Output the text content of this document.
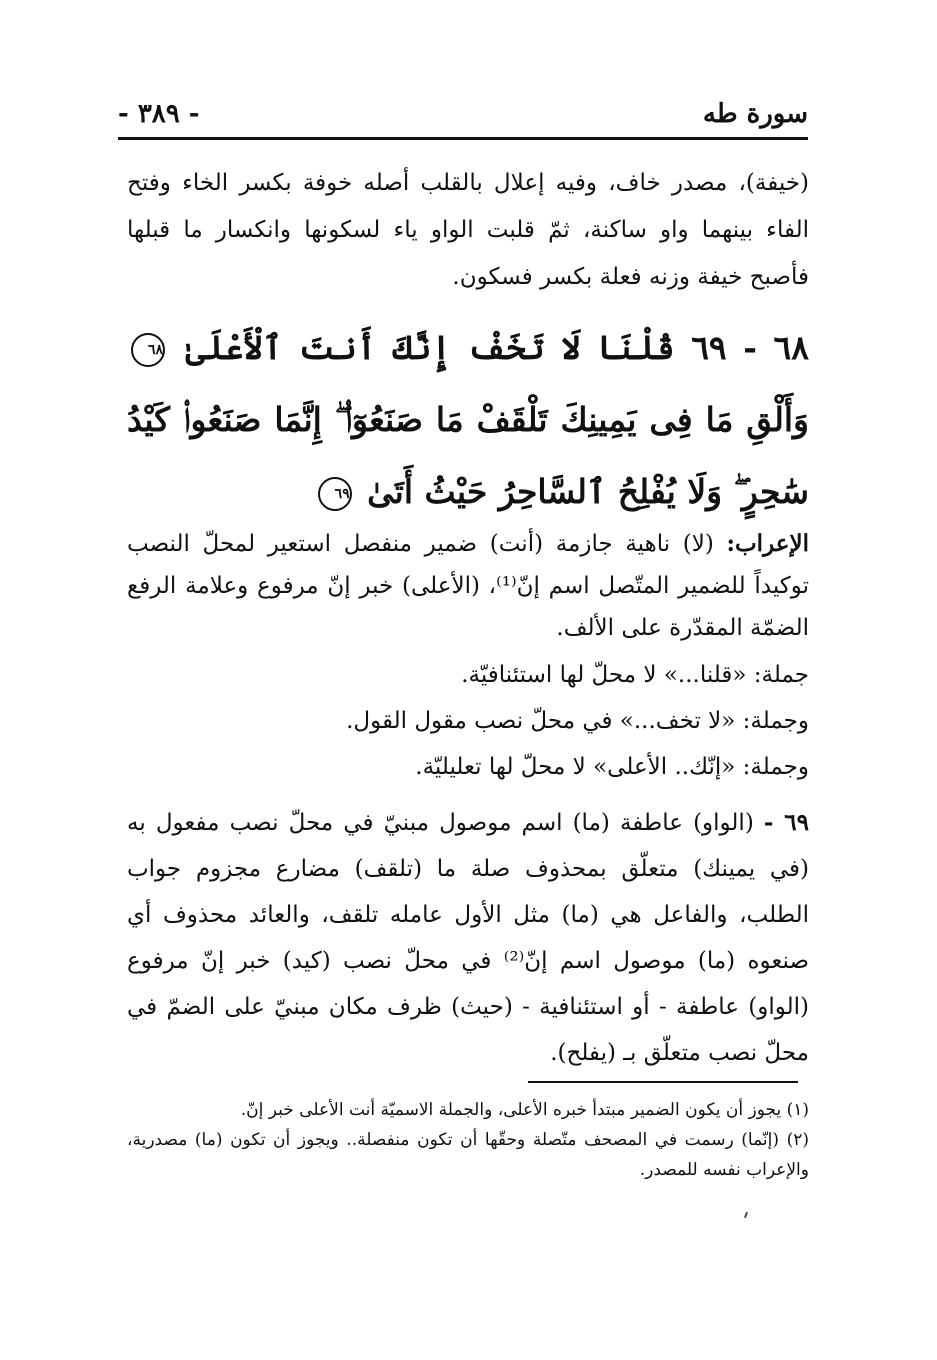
سورة طه
- ٣٨٩ -
(خيفة)، مصدر خاف، وفيه إعلال بالقلب أصله خوفة بكسر الخاء وفتح الفاء بينهما واو ساكنة، ثمّ قلبت الواو ياء لسكونها وانكسار ما قبلها فأصبح خيفة وزنه فعلة بكسر فسكون.
٦٨ - ٦٩ قُلْنَا لَا تَخَفْ إِنَّكَ أَنتَ ٱلْأَعْلَىٰ ٦٨ وَأَلْقِ مَا فِى يَمِينِكَ تَلْقَفْ مَا صَنَعُوٓا۟ ۖ إِنَّمَا صَنَعُوا۟ كَيْدُ سَٰحِرٍ ۖ وَلَا يُفْلِحُ ٱلسَّاحِرُ حَيْثُ أَتَىٰ ٦٩
الإعراب: (لا) ناهية جازمة (أنت) ضمير منفصل استعير لمحلّ النصب توكيداً للضمير المتّصل اسم إنّ⁽¹⁾، (الأعلى) خبر إنّ مرفوع وعلامة الرفع الضمّة المقدّرة على الألف.
جملة: «قلنا...» لا محلّ لها استئنافيّة.
وجملة: «لا تخف...» في محلّ نصب مقول القول.
وجملة: «إنّك.. الأعلى» لا محلّ لها تعليليّة.
٦٩ - (الواو) عاطفة (ما) اسم موصول مبنيّ في محلّ نصب مفعول به (في يمينك) متعلّق بمحذوف صلة ما (تلقف) مضارع مجزوم جواب الطلب، والفاعل هي (ما) مثل الأول عامله تلقف، والعائد محذوف أي صنعوه (ما) موصول اسم إنّ⁽²⁾ في محلّ نصب (كيد) خبر إنّ مرفوع (الواو) عاطفة - أو استئنافية - (حيث) ظرف مكان مبنيّ على الضمّ في محلّ نصب متعلّق بـ (يفلح).
(١) يجوز أن يكون الضمير مبتدأ خبره الأعلى، والجملة الاسميّة أنت الأعلى خبر إنّ.
(٢) (إنّما) رسمت في المصحف متّصلة وحقّها أن تكون منفصلة.. ويجوز أن تكون (ما) مصدرية، والإعراب نفسه للمصدر.
